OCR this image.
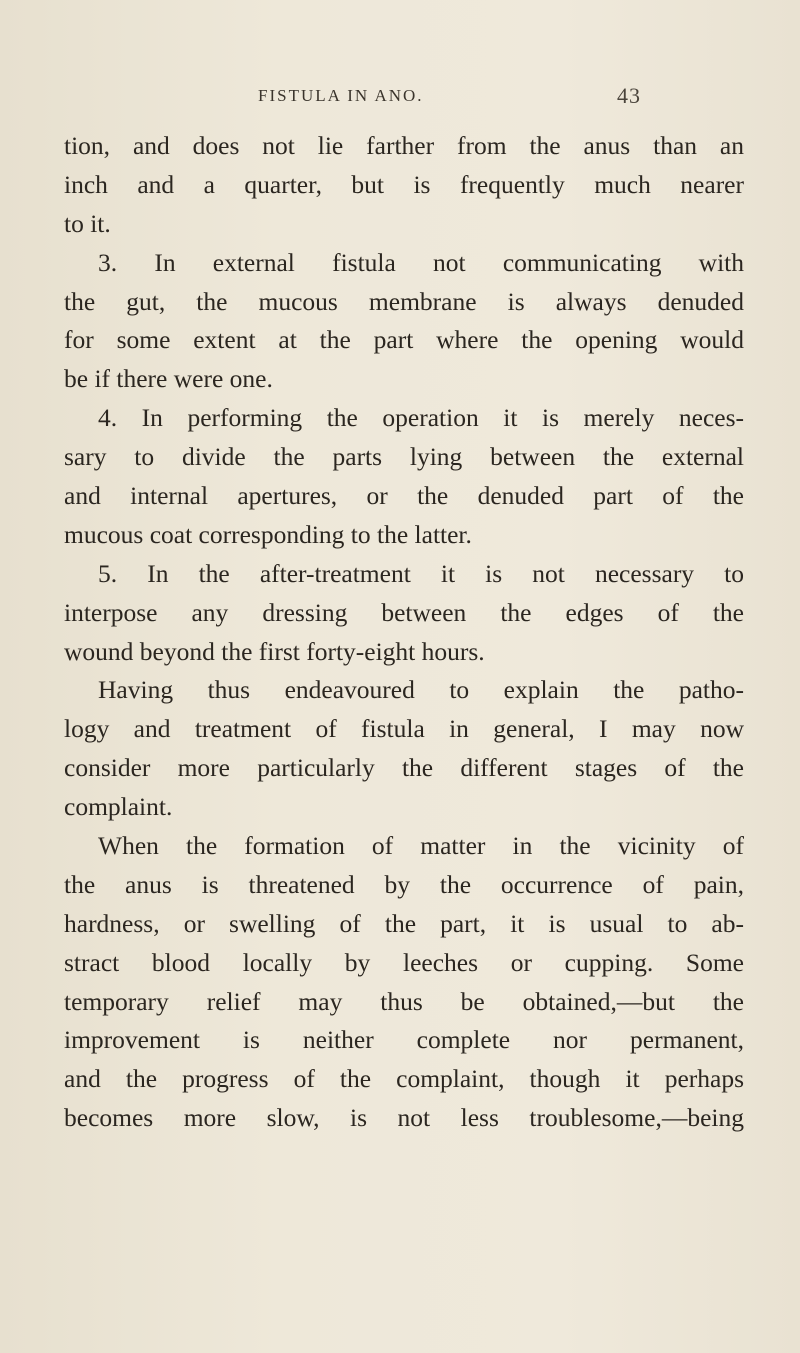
FISTULA IN ANO.	43
tion, and does not lie farther from the anus than an
inch and a quarter, but is frequently much nearer
to it.
3. In external fistula not communicating with
the gut, the mucous membrane is always denuded
for some extent at the part where the opening would
be if there were one.
4. In performing the operation it is merely neces-
sary to divide the parts lying between the external
and internal apertures, or the denuded part of the
mucous coat corresponding to the latter.
5. In the after-treatment it is not necessary to
interpose any dressing between the edges of the
wound beyond the first forty-eight hours.
Having thus endeavoured to explain the patho-
logy and treatment of fistula in general, I may now
consider more particularly the different stages of the
complaint.
When the formation of matter in the vicinity of
the anus is threatened by the occurrence of pain,
hardness, or swelling of the part, it is usual to ab-
stract blood locally by leeches or cupping. Some
temporary relief may thus be obtained,—but the
improvement is neither complete nor permanent,
and the progress of the complaint, though it perhaps
becomes more slow, is not less troublesome,—being
